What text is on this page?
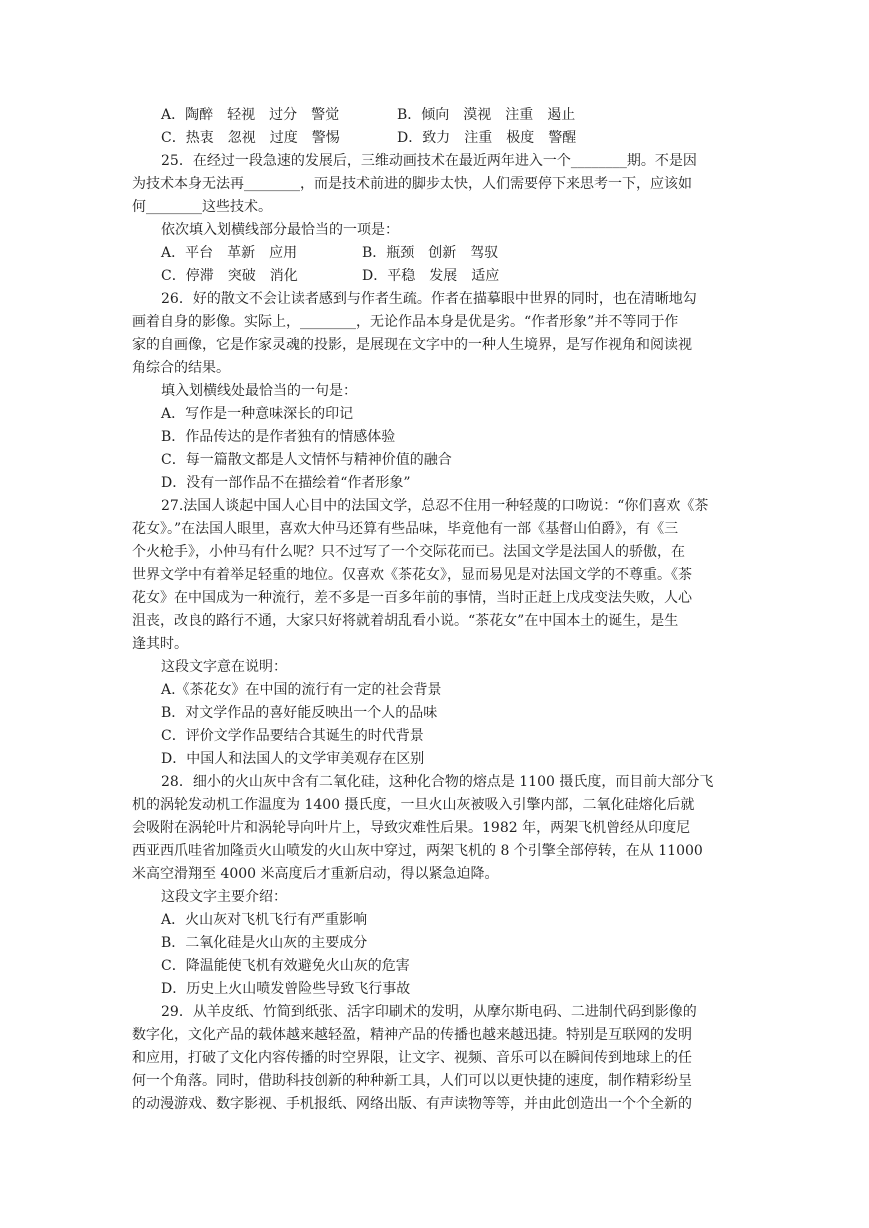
A．陶醉　轻视　过分　警觉	B．倾向　漠视　注重　遏止
C．热衷　忽视　过度　警惕	D．致力　注重　极度　警醒
25．在经过一段急速的发展后，三维动画技术在最近两年进入一个________期。不是因
为技术本身无法再________，而是技术前进的脚步太快，人们需要停下来思考一下，应该如
何________这些技术。
依次填入划横线部分最恰当的一项是：
A．平台　革新　应用	B．瓶颈　创新　驾驭
C．停滞　突破　消化	D．平稳　发展　适应
26．好的散文不会让读者感到与作者生疏。作者在描摹眼中世界的同时，也在清晰地勾
画着自身的影像。实际上，________，无论作品本身是优是劣。“作者形象”并不等同于作
家的自画像，它是作家灵魂的投影，是展现在文字中的一种人生境界，是写作视角和阅读视
角综合的结果。
填入划横线处最恰当的一句是：
A．写作是一种意味深长的印记
B．作品传达的是作者独有的情感体验
C．每一篇散文都是人文情怀与精神价值的融合
D．没有一部作品不在描绘着“作者形象”
27.法国人谈起中国人心目中的法国文学，总忍不住用一种轻蔑的口吻说：“你们喜欢《茶
花女》。”在法国人眼里，喜欢大仲马还算有些品味，毕竟他有一部《基督山伯爵》，有《三
个火枪手》，小仲马有什么呢？只不过写了一个交际花而已。法国文学是法国人的骄傲，在
世界文学中有着举足轻重的地位。仅喜欢《茶花女》，显而易见是对法国文学的不尊重。《茶
花女》在中国成为一种流行，差不多是一百多年前的事情，当时正赶上戊戌变法失败，人心
沮丧，改良的路行不通，大家只好将就着胡乱看小说。“茶花女”在中国本土的诞生，是生
逢其时。
这段文字意在说明：
A.《茶花女》在中国的流行有一定的社会背景
B．对文学作品的喜好能反映出一个人的品味
C．评价文学作品要结合其诞生的时代背景
D．中国人和法国人的文学审美观存在区别
28．细小的火山灰中含有二氧化硅，这种化合物的熔点是 1100 摄氏度，而目前大部分飞
机的涡轮发动机工作温度为 1400 摄氏度，一旦火山灰被吸入引擎内部，二氧化硅熔化后就
会吸附在涡轮叶片和涡轮导向叶片上，导致灾难性后果。1982 年，两架飞机曾经从印度尼
西亚西爪哇省加隆贡火山喷发的火山灰中穿过，两架飞机的 8 个引擎全部停转，在从 11000
米高空滑翔至 4000 米高度后才重新启动，得以紧急迫降。
这段文字主要介绍：
A．火山灰对飞机飞行有严重影响
B．二氧化硅是火山灰的主要成分
C．降温能使飞机有效避免火山灰的危害
D．历史上火山喷发曾险些导致飞行事故
29．从羊皮纸、竹简到纸张、活字印刷术的发明，从摩尔斯电码、二进制代码到影像的
数字化，文化产品的载体越来越轻盈，精神产品的传播也越来越迅捷。特别是互联网的发明
和应用，打破了文化内容传播的时空界限，让文字、视频、音乐可以在瞬间传到地球上的任
何一个角落。同时，借助科技创新的种种新工具，人们可以以更快捷的速度，制作精彩纷呈
的动漫游戏、数字影视、手机报纸、网络出版、有声读物等等，并由此创造出一个个全新的
